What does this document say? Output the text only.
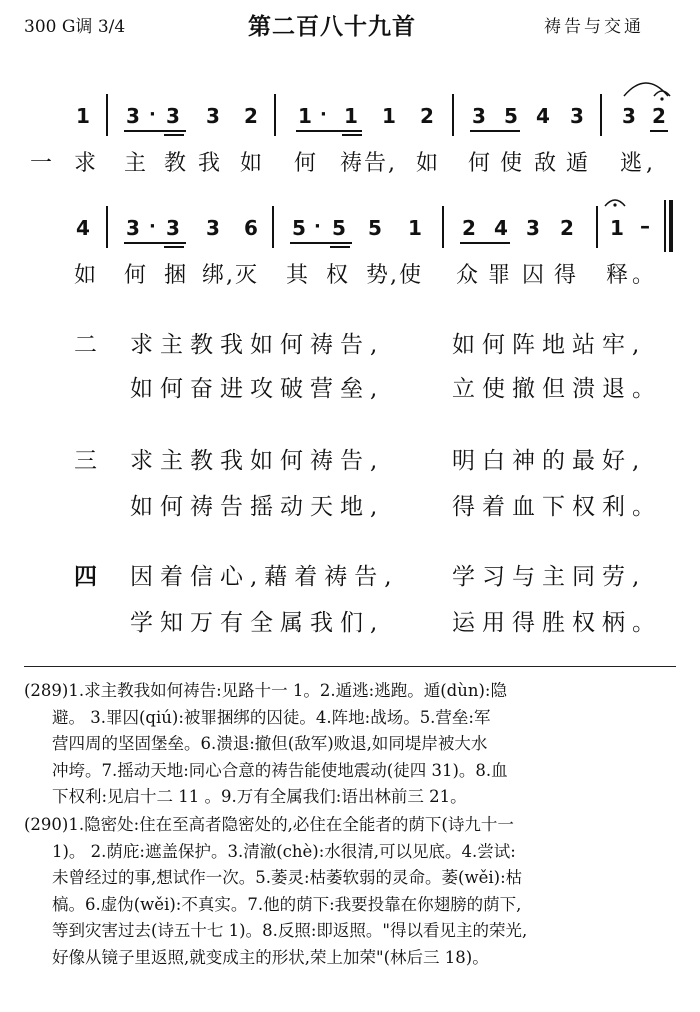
300 G调 3/4	第二百八十九首	祷告与交通
1 3 · 3 3 2 1 · 1 1 2 3 5 4 3 3 2
一 求 主 教我 如 何 祷告, 如 何使 敌遁 逃,
4 3 · 3 3 6 5 · 5 5 1 2 4 3 2 1 –
如 何 捆 绑,灭 其 权 势,使 众罪 囚得 释。
二 求主教我如何祷告,	如何阵地站牢,
如何奋进攻破营垒,	立使撤但溃退。
三 求主教我如何祷告,	明白神的最好,
如何祷告摇动天地,	得着血下权利。
四 因着信心,藉着祷告, 学习与主同劳,
学知万有全属我们,	运用得胜权柄。
(289)1.求主教我如何祷告:见路十一 1。2.遁逃:逃跑。遁(dùn):隐
避。 3.罪囚(qiú):被罪捆绑的囚徒。4.阵地:战场。5.营垒:军
营四周的坚固堡垒。6.溃退:撤但(敌军)败退,如同堤岸被大水
冲垮。7.摇动天地:同心合意的祷告能使地震动(徒四 31)。8.血
下权利:见启十二 11 。9.万有全属我们:语出林前三 21。
(290)1.隐密处:住在至高者隐密处的,必住在全能者的荫下(诗九十一
1)。 2.荫庇:遮盖保护。3.清澈(chè):水很清,可以见底。4.尝试:
未曾经过的事,想试作一次。5.萎灵:枯萎软弱的灵命。萎(wěi):枯
槁。6.虚伪(wěi):不真实。7.他的荫下:我要投靠在你翅膀的荫下,
等到灾害过去(诗五十七 1)。8.反照:即返照。"得以看见主的荣光,
好像从镜子里返照,就变成主的形状,荣上加荣"(林后三 18)。
